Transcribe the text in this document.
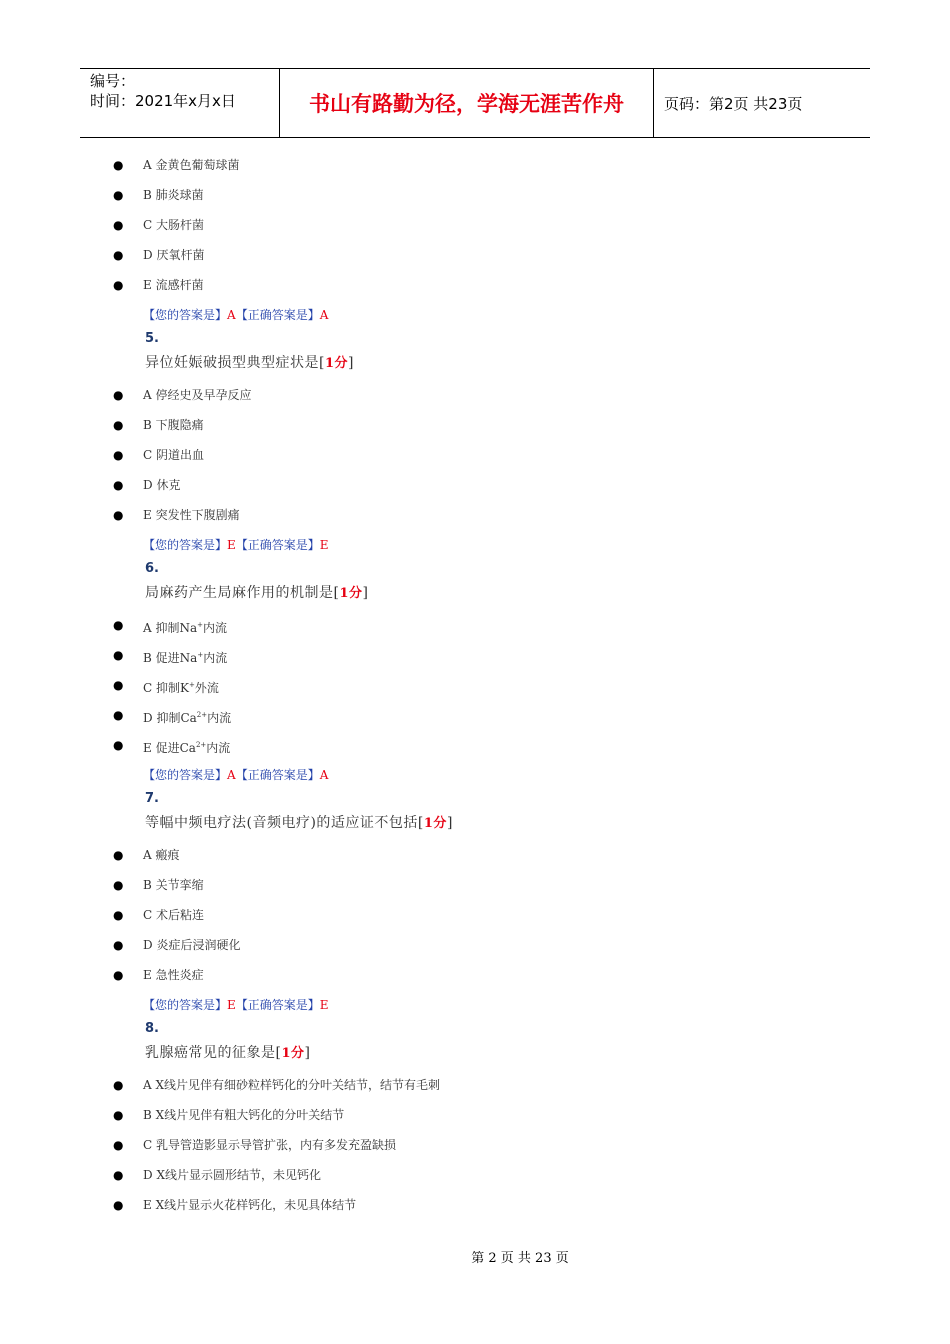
编号：
时间：2021年x月x日	书山有路勤为径，学海无涯苦作舟	页码：第2页 共23页
● A 金黄色葡萄球菌
● B 肺炎球菌
● C 大肠杆菌
● D 厌氧杆菌
● E 流感杆菌
【您的答案是】A【正确答案是】A
5.
异位妊娠破损型典型症状是[1分]
● A 停经史及早孕反应
● B 下腹隐痛
● C 阴道出血
● D 休克
● E 突发性下腹剧痛
【您的答案是】E【正确答案是】E
6.
局麻药产生局麻作用的机制是[1分]
● A 抑制Na+内流
● B 促进Na+内流
● C 抑制K+外流
● D 抑制$Ca^{2+}$内流
● E 促进$Ca^{2+}$内流
【您的答案是】A【正确答案是】A
7.
等幅中频电疗法(音频电疗)的适应证不包括[1分]
● A 瘢痕
● B 关节挛缩
● C 术后粘连
● D 炎症后浸润硬化
● E 急性炎症
【您的答案是】E【正确答案是】E
8.
乳腺癌常见的征象是[1分]
● A X线片见伴有细砂粒样钙化的分叶关结节，结节有毛刺
● B X线片见伴有粗大钙化的分叶关结节
● C 乳导管造影显示导管扩张，内有多发充盈缺损
● D X线片显示圆形结节，未见钙化
● E X线片显示火花样钙化，未见具体结节
第 2 页 共 23 页
